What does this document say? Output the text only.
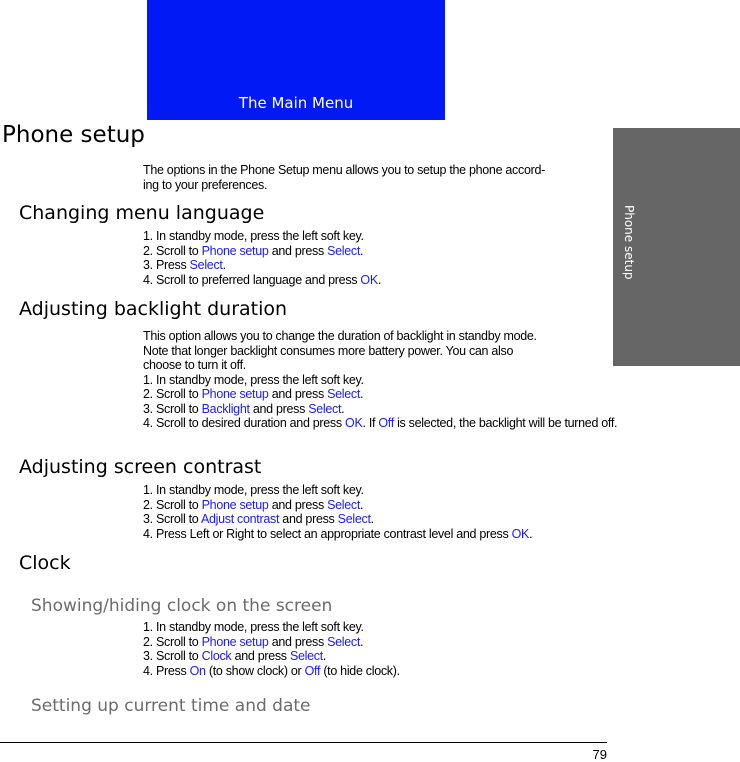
The Main Menu
Phone setup
Phone setup
The options in the Phone Setup menu allows you to setup the phone accord-
ing to your preferences.
Changing menu language
1. In standby mode, press the left soft key.
2. Scroll to Phone setup and press Select.
3. Press Select.
4. Scroll to preferred language and press OK.
Adjusting backlight duration
This option allows you to change the duration of backlight in standby mode.
Note that longer backlight consumes more battery power. You can also
choose to turn it off.
1. In standby mode, press the left soft key.
2. Scroll to Phone setup and press Select.
3. Scroll to Backlight and press Select.
4. Scroll to desired duration and press OK. If Off is selected, the backlight will be turned off.
Adjusting screen contrast
1. In standby mode, press the left soft key.
2. Scroll to Phone setup and press Select.
3. Scroll to Adjust contrast and press Select.
4. Press Left or Right to select an appropriate contrast level and press OK.
Clock
Showing/hiding clock on the screen
1. In standby mode, press the left soft key.
2. Scroll to Phone setup and press Select.
3. Scroll to Clock and press Select.
4. Press On (to show clock) or Off (to hide clock).
Setting up current time and date
79
